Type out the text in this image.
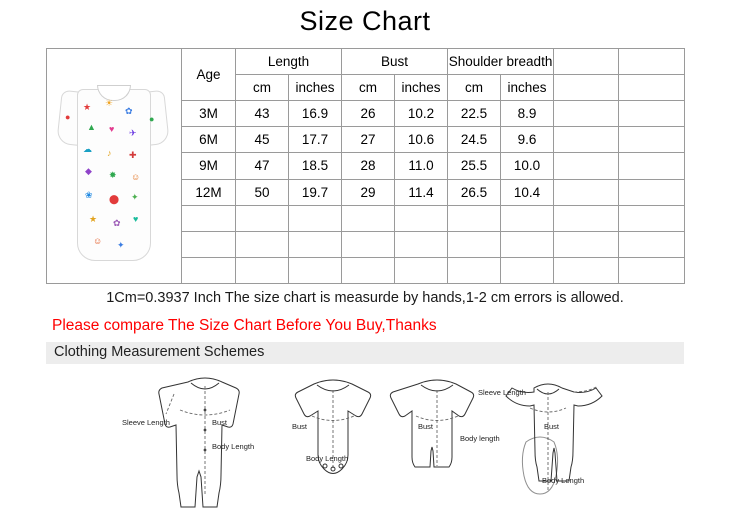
Size Chart
★ ☀
✿
▲ ♥ ✈
☁ ♪ ✚
◆ ✸ ☺
❀ ⬤ ✦
★ ✿ ♥
☺ ✦
●	●
	Age	Length	Bust	Shoulder breadth		
		cm	inches	cm	inches	cm	inches		
	3M	43	16.9	26	10.2	22.5	8.9		
	6M	45	17.7	27	10.6	24.5	9.6		
	9M	47	18.5	28	11.0	25.5	10.0		
	12M	50	19.7	29	11.4	26.5	10.4		

1Cm=0.3937 Inch The size chart is measurde by hands,1-2 cm errors is allowed.
Please compare The Size Chart Before You Buy,Thanks
Clothing Measurement Schemes
Sleeve Length	Bust
Body Length
Bust
Body Length
Bust
Sleeve Length
Bust
Body length
Body Length
